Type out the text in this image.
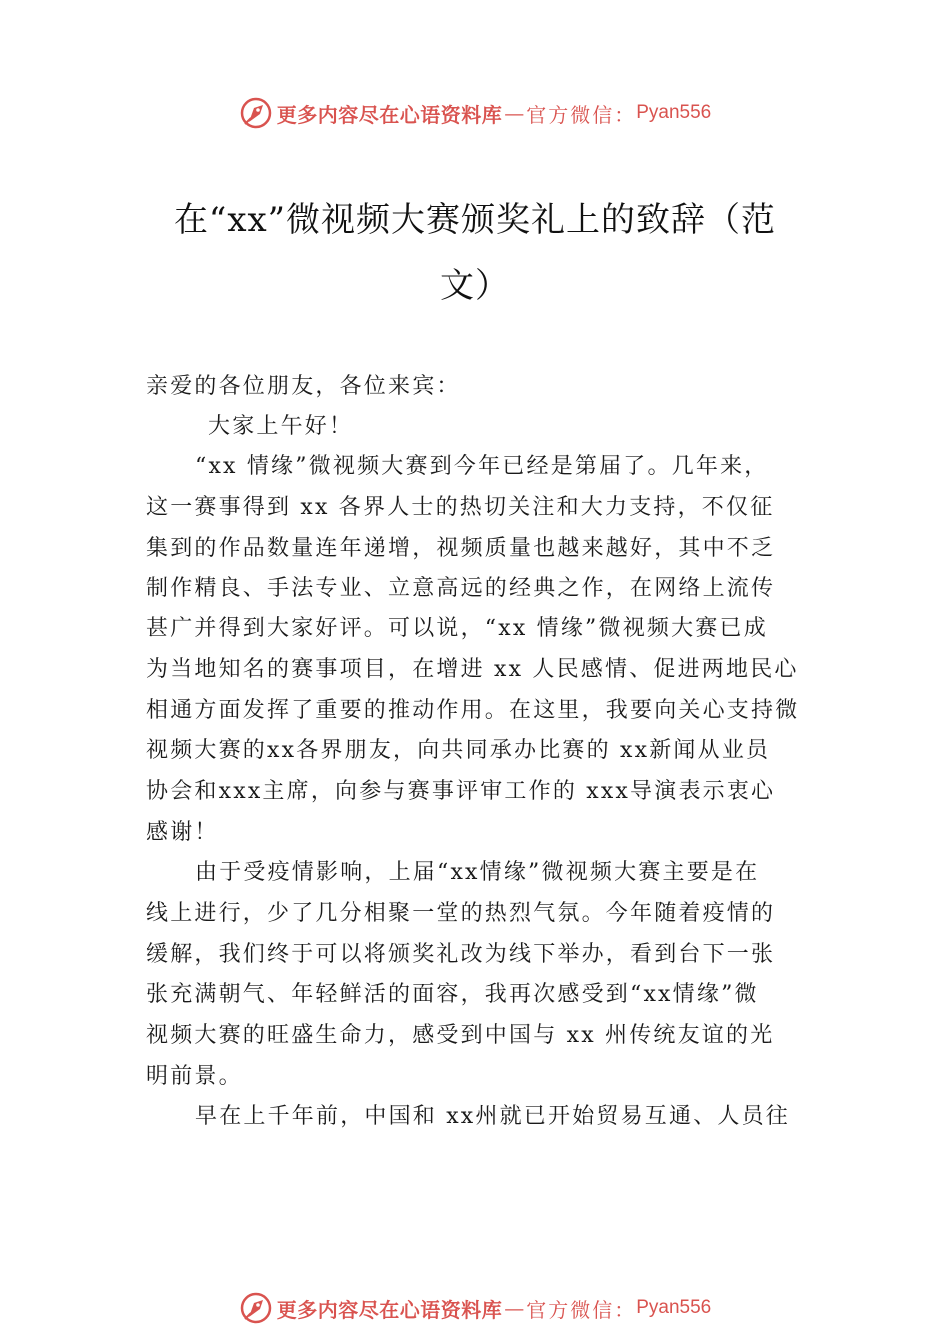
更多内容尽在心语资料库 — 官方微信： Pyan556
在“xx”微视频大赛颁奖礼上的致辞（范
文）
亲爱的各位朋友，各位来宾：
大家上午好！
“xx 情缘”微视频大赛到今年已经是第届了。几年来，
这一赛事得到 xx 各界人士的热切关注和大力支持，不仅征
集到的作品数量连年递增，视频质量也越来越好，其中不乏
制作精良、手法专业、立意高远的经典之作，在网络上流传
甚广并得到大家好评。可以说，“xx 情缘”微视频大赛已成
为当地知名的赛事项目，在增进 xx 人民感情、促进两地民心
相通方面发挥了重要的推动作用。在这里，我要向关心支持微
视频大赛的xx各界朋友，向共同承办比赛的 xx新闻从业员
协会和xxx主席，向参与赛事评审工作的 xxx导演表示衷心
感谢！
由于受疫情影响，上届“xx情缘”微视频大赛主要是在
线上进行，少了几分相聚一堂的热烈气氛。今年随着疫情的
缓解，我们终于可以将颁奖礼改为线下举办，看到台下一张
张充满朝气、年轻鲜活的面容，我再次感受到“xx情缘”微
视频大赛的旺盛生命力，感受到中国与 xx 州传统友谊的光
明前景。
早在上千年前，中国和 xx州就已开始贸易互通、人员往
更多内容尽在心语资料库 — 官方微信： Pyan556
